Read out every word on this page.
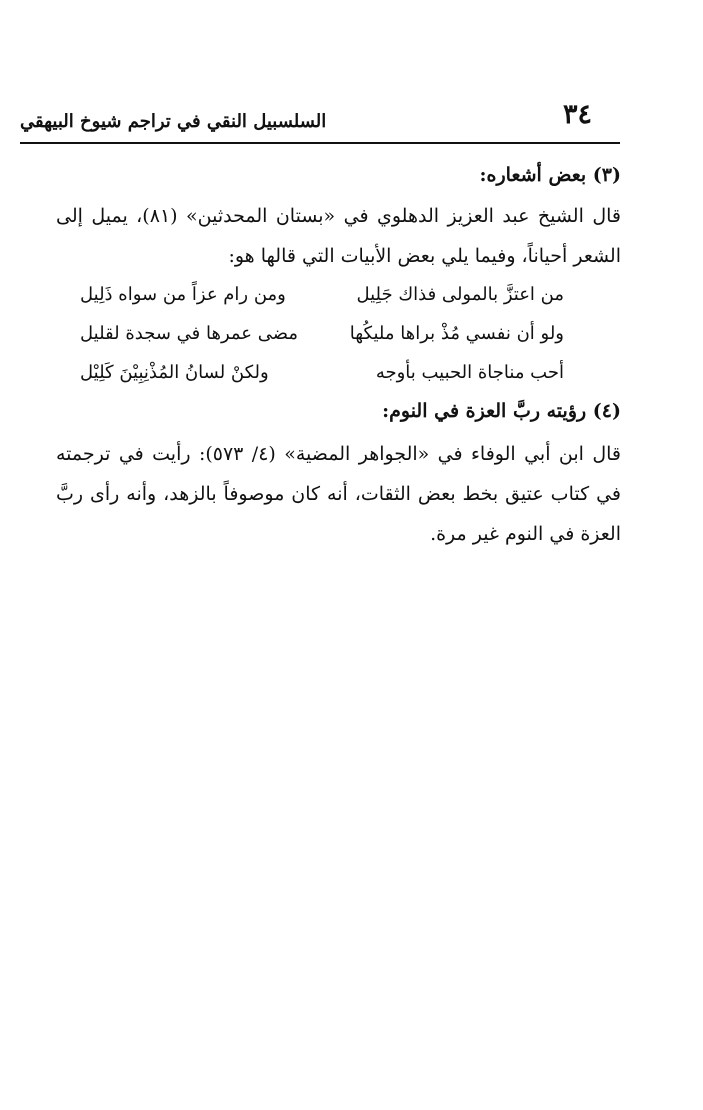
٣٤
السلسبيل النقي في تراجم شيوخ البيهقي

(٣) بعض أشعاره:

قال الشيخ عبد العزيز الدهلوي في «بستان المحدثين» (٨١)، يميل إلى الشعر أحياناً، وفيما يلي بعض الأبيات التي قالها هو:

من اعتزَّ بالمولى فذاك جَلِيل
ومن رام عزاً من سواه ذَلِيل
ولو أن نفسي مُذْ براها مليكُها
مضى عمرها في سجدة لقليل
أحب مناجاة الحبيب بأوجه
ولكنْ لسانُ المُذْنِبِيْنَ كَلِيْل

(٤) رؤيته ربَّ العزة في النوم:

قال ابن أبي الوفاء في «الجواهر المضية» (٤/ ٥٧٣): رأيت في ترجمته في كتاب عتيق بخط بعض الثقات، أنه كان موصوفاً بالزهد، وأنه رأى ربَّ العزة في النوم غير مرة.
